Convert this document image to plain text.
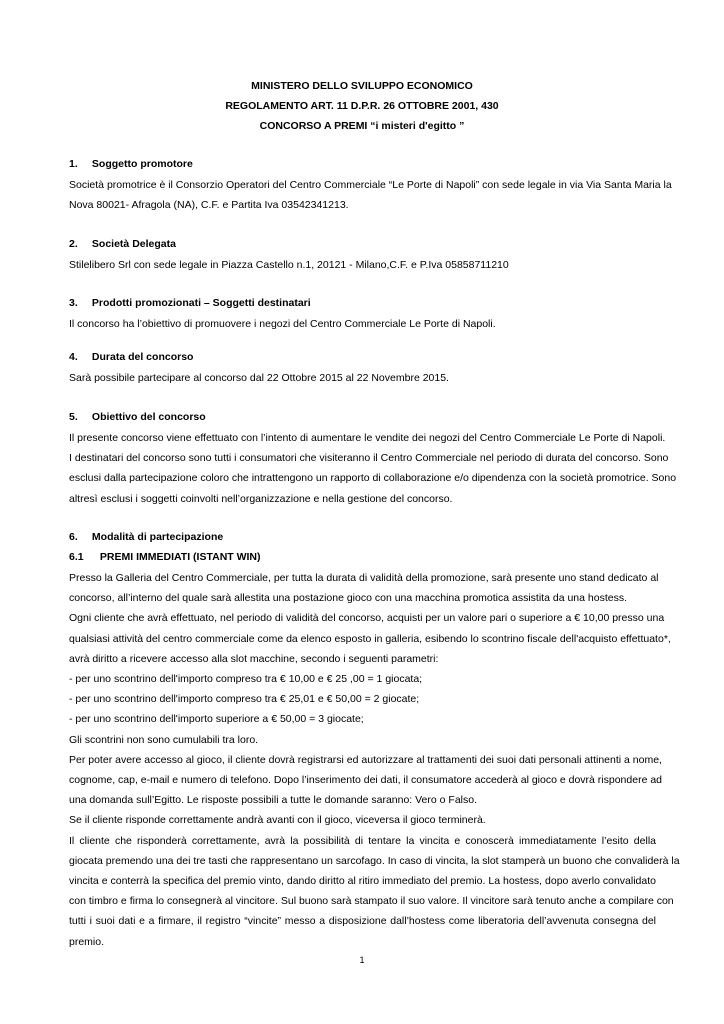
MINISTERO DELLO SVILUPPO ECONOMICO
REGOLAMENTO ART. 11 D.P.R. 26 OTTOBRE 2001, 430
CONCORSO A PREMI “i misteri d'egitto ”
1. Soggetto promotore
Società promotrice è il Consorzio Operatori del Centro Commerciale “Le Porte di Napoli” con sede legale in via Via Santa Maria la
Nova 80021- Afragola (NA), C.F. e Partita Iva 03542341213.
2. Società Delegata
Stilelibero Srl con sede legale in Piazza Castello n.1, 20121 - Milano,C.F. e P.Iva 05858711210
3. Prodotti promozionati – Soggetti destinatari
Il concorso ha l’obiettivo di promuovere i negozi del Centro Commerciale Le Porte di Napoli.
4. Durata del concorso
Sarà possibile partecipare al concorso dal 22 Ottobre 2015 al 22 Novembre 2015.
5. Obiettivo del concorso
Il presente concorso viene effettuato con l’intento di aumentare le vendite dei negozi del Centro Commerciale Le Porte di Napoli.
I destinatari del concorso sono tutti i consumatori che visiteranno il Centro Commerciale nel periodo di durata del concorso. Sono
esclusi dalla partecipazione coloro che intrattengono un rapporto di collaborazione e/o dipendenza con la società promotrice. Sono
altresì esclusi i soggetti coinvolti nell’organizzazione e nella gestione del concorso.
6. Modalità di partecipazione
6.1 PREMI IMMEDIATI (ISTANT WIN)
Presso la Galleria del Centro Commerciale, per tutta la durata di validità della promozione, sarà presente uno stand dedicato al
concorso, all’interno del quale sarà allestita una postazione gioco con una macchina promotica assistita da una hostess.
Ogni cliente che avrà effettuato, nel periodo di validità del concorso, acquisti per un valore pari o superiore a € 10,00 presso una
qualsiasi attività del centro commerciale come da elenco esposto in galleria, esibendo lo scontrino fiscale dell'acquisto effettuato*,
avrà diritto a ricevere accesso alla slot macchine, secondo i seguenti parametri:
- per uno scontrino dell'importo compreso tra € 10,00 e € 25 ,00 = 1 giocata;
- per uno scontrino dell'importo compreso tra € 25,01 e € 50,00 = 2 giocate;
- per uno scontrino dell'importo superiore a € 50,00 = 3 giocate;
Gli scontrini non sono cumulabili tra loro.
Per poter avere accesso al gioco, il cliente dovrà registrarsi ed autorizzare al trattamenti dei suoi dati personali attinenti a nome,
cognome, cap, e-mail e numero di telefono. Dopo l’inserimento dei dati, il consumatore accederà al gioco e dovrà rispondere ad
una domanda sull’Egitto. Le risposte possibili a tutte le domande saranno: Vero o Falso.
Se il cliente risponde correttamente andrà avanti con il gioco, viceversa il gioco terminerà.
Il cliente che risponderà correttamente, avrà la possibilità di tentare la vincita e conoscerà immediatamente l’esito della
giocata premendo una dei tre tasti che rappresentano un sarcofago. In caso di vincita, la slot stamperà un buono che convaliderà la
vincita e conterrà la specifica del premio vinto, dando diritto al ritiro immediato del premio. La hostess, dopo averlo convalidato
con timbro e firma lo consegnerà al vincitore. Sul buono sarà stampato il suo valore. Il vincitore sarà tenuto anche a compilare con
tutti i suoi dati e a firmare, il registro “vincite” messo a disposizione dall’hostess come liberatoria dell’avvenuta consegna del
premio.
1
